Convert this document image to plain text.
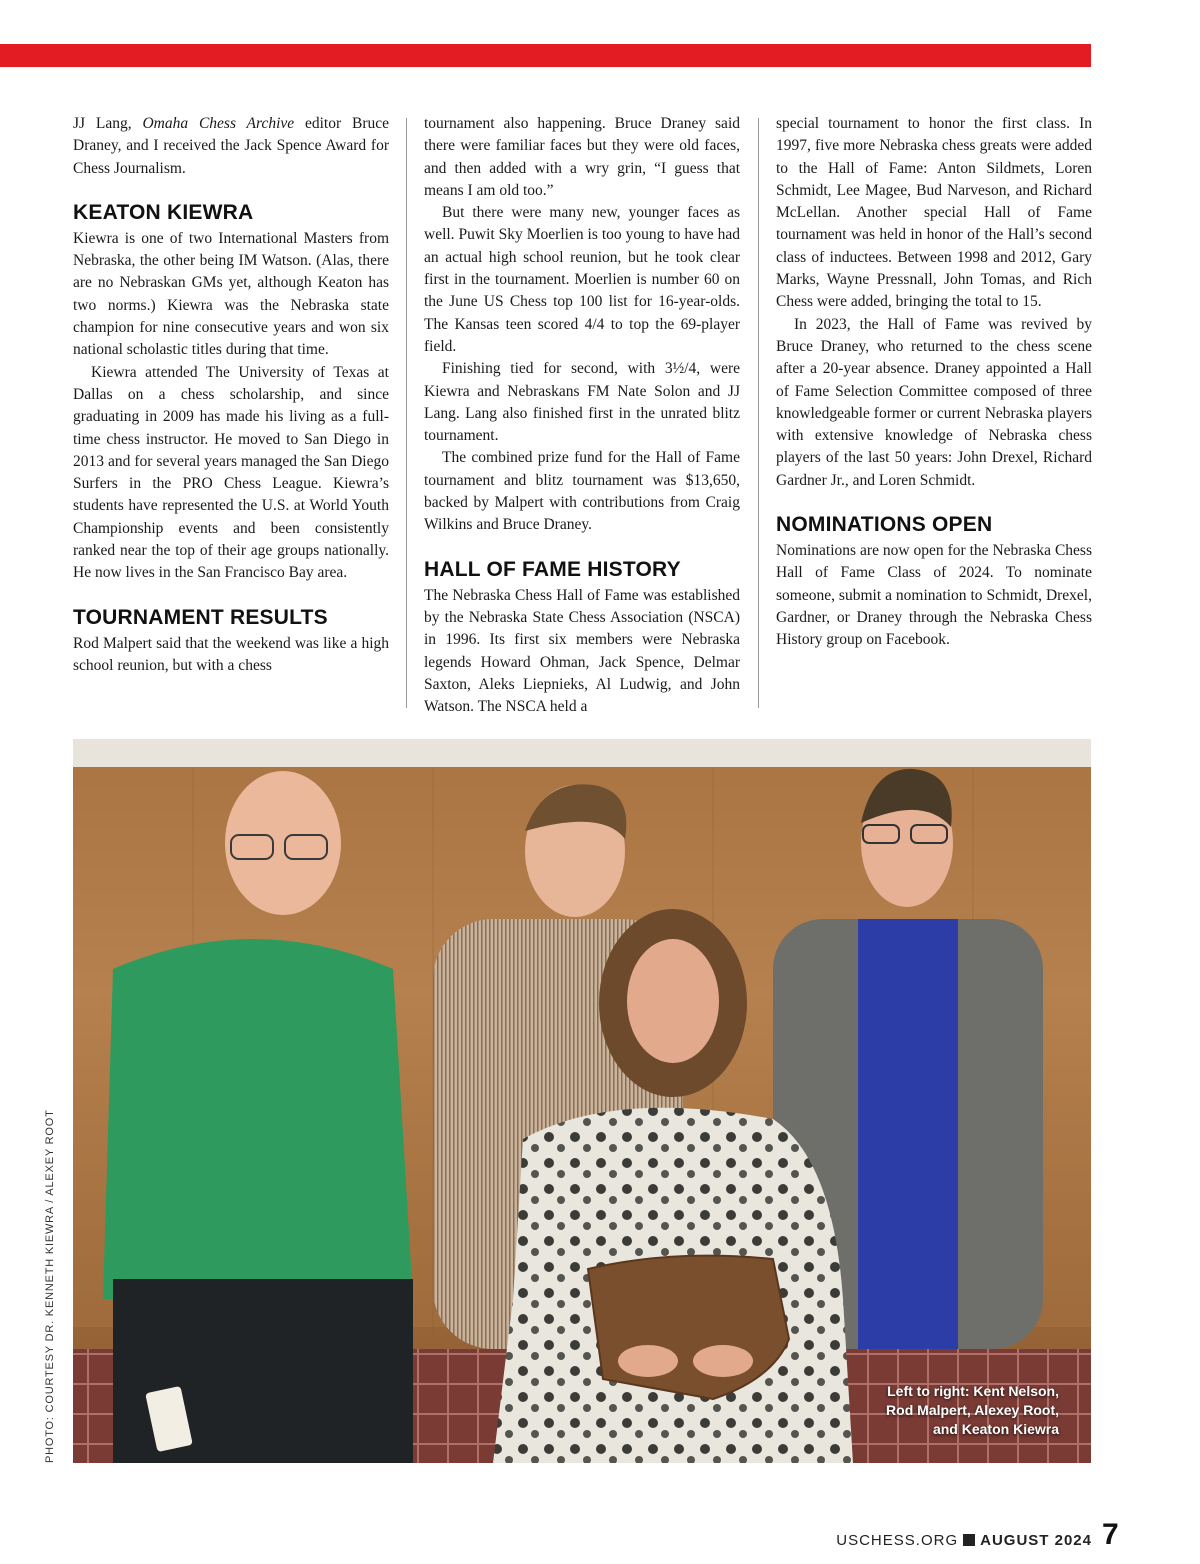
JJ Lang, Omaha Chess Archive editor Bruce Draney, and I received the Jack Spence Award for Chess Journalism.

KEATON KIEWRA

Kiewra is one of two International Masters from Nebraska, the other being IM Watson. (Alas, there are no Nebraskan GMs yet, although Keaton has two norms.) Kiewra was the Nebraska state champion for nine consecutive years and won six national scholastic titles during that time.

Kiewra attended The University of Texas at Dallas on a chess scholarship, and since graduating in 2009 has made his living as a full-time chess instructor. He moved to San Diego in 2013 and for several years managed the San Diego Surfers in the PRO Chess League. Kiewra’s students have represented the U.S. at World Youth Championship events and been consistently ranked near the top of their age groups nationally. He now lives in the San Francisco Bay area.

TOURNAMENT RESULTS

Rod Malpert said that the weekend was like a high school reunion, but with a chess

tournament also happening. Bruce Draney said there were familiar faces but they were old faces, and then added with a wry grin, “I guess that means I am old too.”

But there were many new, younger faces as well. Puwit Sky Moerlien is too young to have had an actual high school reunion, but he took clear first in the tournament. Moerlien is number 60 on the June US Chess top 100 list for 16-year-olds. The Kansas teen scored 4/4 to top the 69-player field.

Finishing tied for second, with 3½/4, were Kiewra and Nebraskans FM Nate Solon and JJ Lang. Lang also finished first in the unrated blitz tournament.

The combined prize fund for the Hall of Fame tournament and blitz tournament was $13,650, backed by Malpert with contributions from Craig Wilkins and Bruce Draney.

HALL OF FAME HISTORY

The Nebraska Chess Hall of Fame was established by the Nebraska State Chess Association (NSCA) in 1996. Its first six members were Nebraska legends Howard Ohman, Jack Spence, Delmar Saxton, Aleks Liepnieks, Al Ludwig, and John Watson. The NSCA held a

special tournament to honor the first class. In 1997, five more Nebraska chess greats were added to the Hall of Fame: Anton Sildmets, Loren Schmidt, Lee Magee, Bud Narveson, and Richard McLellan. Another special Hall of Fame tournament was held in honor of the Hall’s second class of inductees. Between 1998 and 2012, Gary Marks, Wayne Pressnall, John Tomas, and Rich Chess were added, bringing the total to 15.

In 2023, the Hall of Fame was revived by Bruce Draney, who returned to the chess scene after a 20-year absence. Draney appointed a Hall of Fame Selection Committee composed of three knowledgeable former or current Nebraska players with extensive knowledge of Nebraska chess players of the last 50 years: John Drexel, Richard Gardner Jr., and Loren Schmidt.

NOMINATIONS OPEN

Nominations are now open for the Nebraska Chess Hall of Fame Class of 2024. To nominate someone, submit a nomination to Schmidt, Drexel, Gardner, or Draney through the Nebraska Chess History group on Facebook.

Left to right: Kent Nelson, Rod Malpert, Alexey Root, and Keaton Kiewra
PHOTO: COURTESY DR. KENNETH KIEWRA / ALEXEY ROOT
USCHESS.ORG AUGUST 2024 7
